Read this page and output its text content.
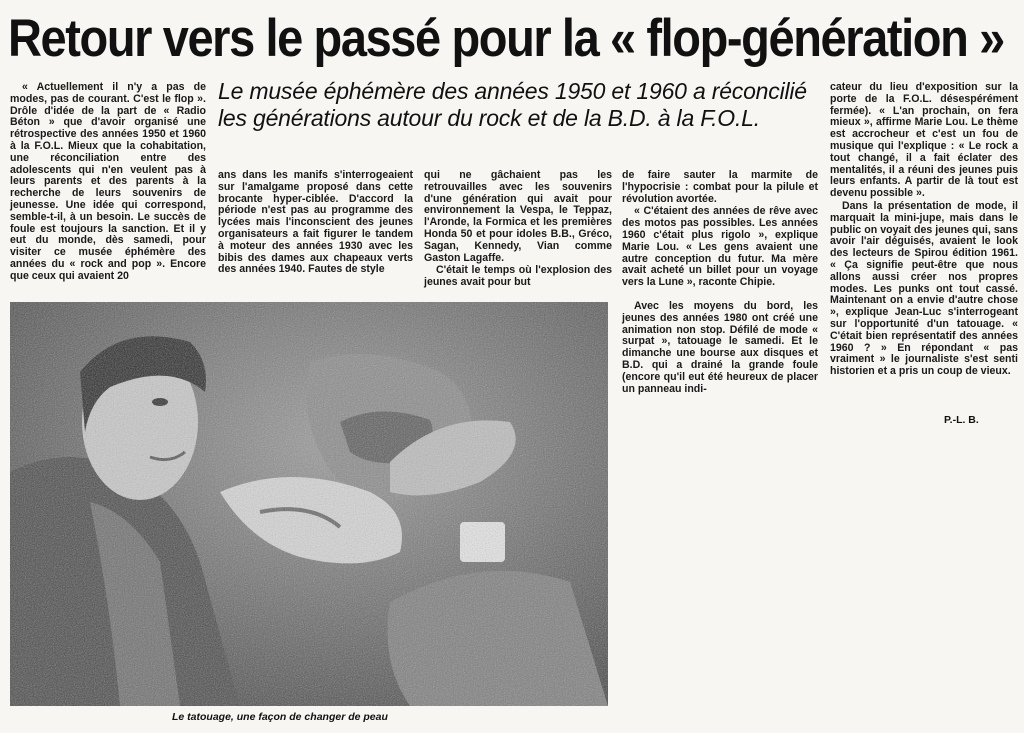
Retour vers le passé pour la « flop-génération »

« Actuellement il n'y a pas de modes, pas de courant. C'est le flop ». Drôle d'idée de la part de « Radio Béton » que d'avoir organisé une rétrospective des années 1950 et 1960 à la F.O.L. Mieux que la cohabitation, une réconciliation entre des adolescents qui n'en veulent pas à leurs parents et des parents à la recherche de leurs souvenirs de jeunesse. Une idée qui correspond, semble-t-il, à un besoin. Le succès de foule est toujours la sanction. Et il y eut du monde, dès samedi, pour visiter ce musée éphémère des années du « rock and pop ». Encore que ceux qui avaient 20

Le musée éphémère des années 1950 et 1960 a réconcilié les générations autour du rock et de la B.D. à la F.O.L.

ans dans les manifs s'interrogeaient sur l'amalgame proposé dans cette brocante hyper-ciblée. D'accord la période n'est pas au programme des lycées mais l'inconscient des jeunes organisateurs a fait figurer le tandem à moteur des années 1930 avec les bibis des dames aux chapeaux verts des années 1940. Fautes de style

qui ne gâchaient pas les retrouvailles avec les souvenirs d'une génération qui avait pour environnement la Vespa, le Teppaz, l'Aronde, la Formica et les premières Honda 50 et pour idoles B.B., Gréco, Sagan, Kennedy, Vian comme Gaston Lagaffe.

C'était le temps où l'explosion des jeunes avait pour but

de faire sauter la marmite de l'hypocrisie : combat pour la pilule et révolution avortée.

« C'étaient des années de rêve avec des motos pas possibles. Les années 1960 c'était plus rigolo », explique Marie Lou. « Les gens avaient une autre conception du futur. Ma mère avait acheté un billet pour un voyage vers la Lune », raconte Chipie.

Avec les moyens du bord, les jeunes des années 1980 ont créé une animation non stop. Défilé de mode « surpat », tatouage le samedi. Et le dimanche une bourse aux disques et B.D. qui a drainé la grande foule (encore qu'il eut été heureux de placer un panneau indi-

cateur du lieu d'exposition sur la porte de la F.O.L. désespérément fermée). « L'an prochain, on fera mieux », affirme Marie Lou. Le thème est accrocheur et c'est un fou de musique qui l'explique : « Le rock a tout changé, il a fait éclater des mentalités, il a réuni des jeunes puis leurs enfants. A partir de là tout est devenu possible ».

Dans la présentation de mode, il marquait la mini-jupe, mais dans le public on voyait des jeunes qui, sans avoir l'air déguisés, avaient le look des lecteurs de Spirou édition 1961. « Ça signifie peut-être que nous allons aussi créer nos propres modes. Les punks ont tout cassé. Maintenant on a envie d'autre chose », explique Jean-Luc s'interrogeant sur l'opportunité d'un tatouage. « C'était bien représentatif des années 1960 ? » En répondant « pas vraiment » le journaliste s'est senti historien et a pris un coup de vieux.

P.-L. B.
Le tatouage, une façon de changer de peau
